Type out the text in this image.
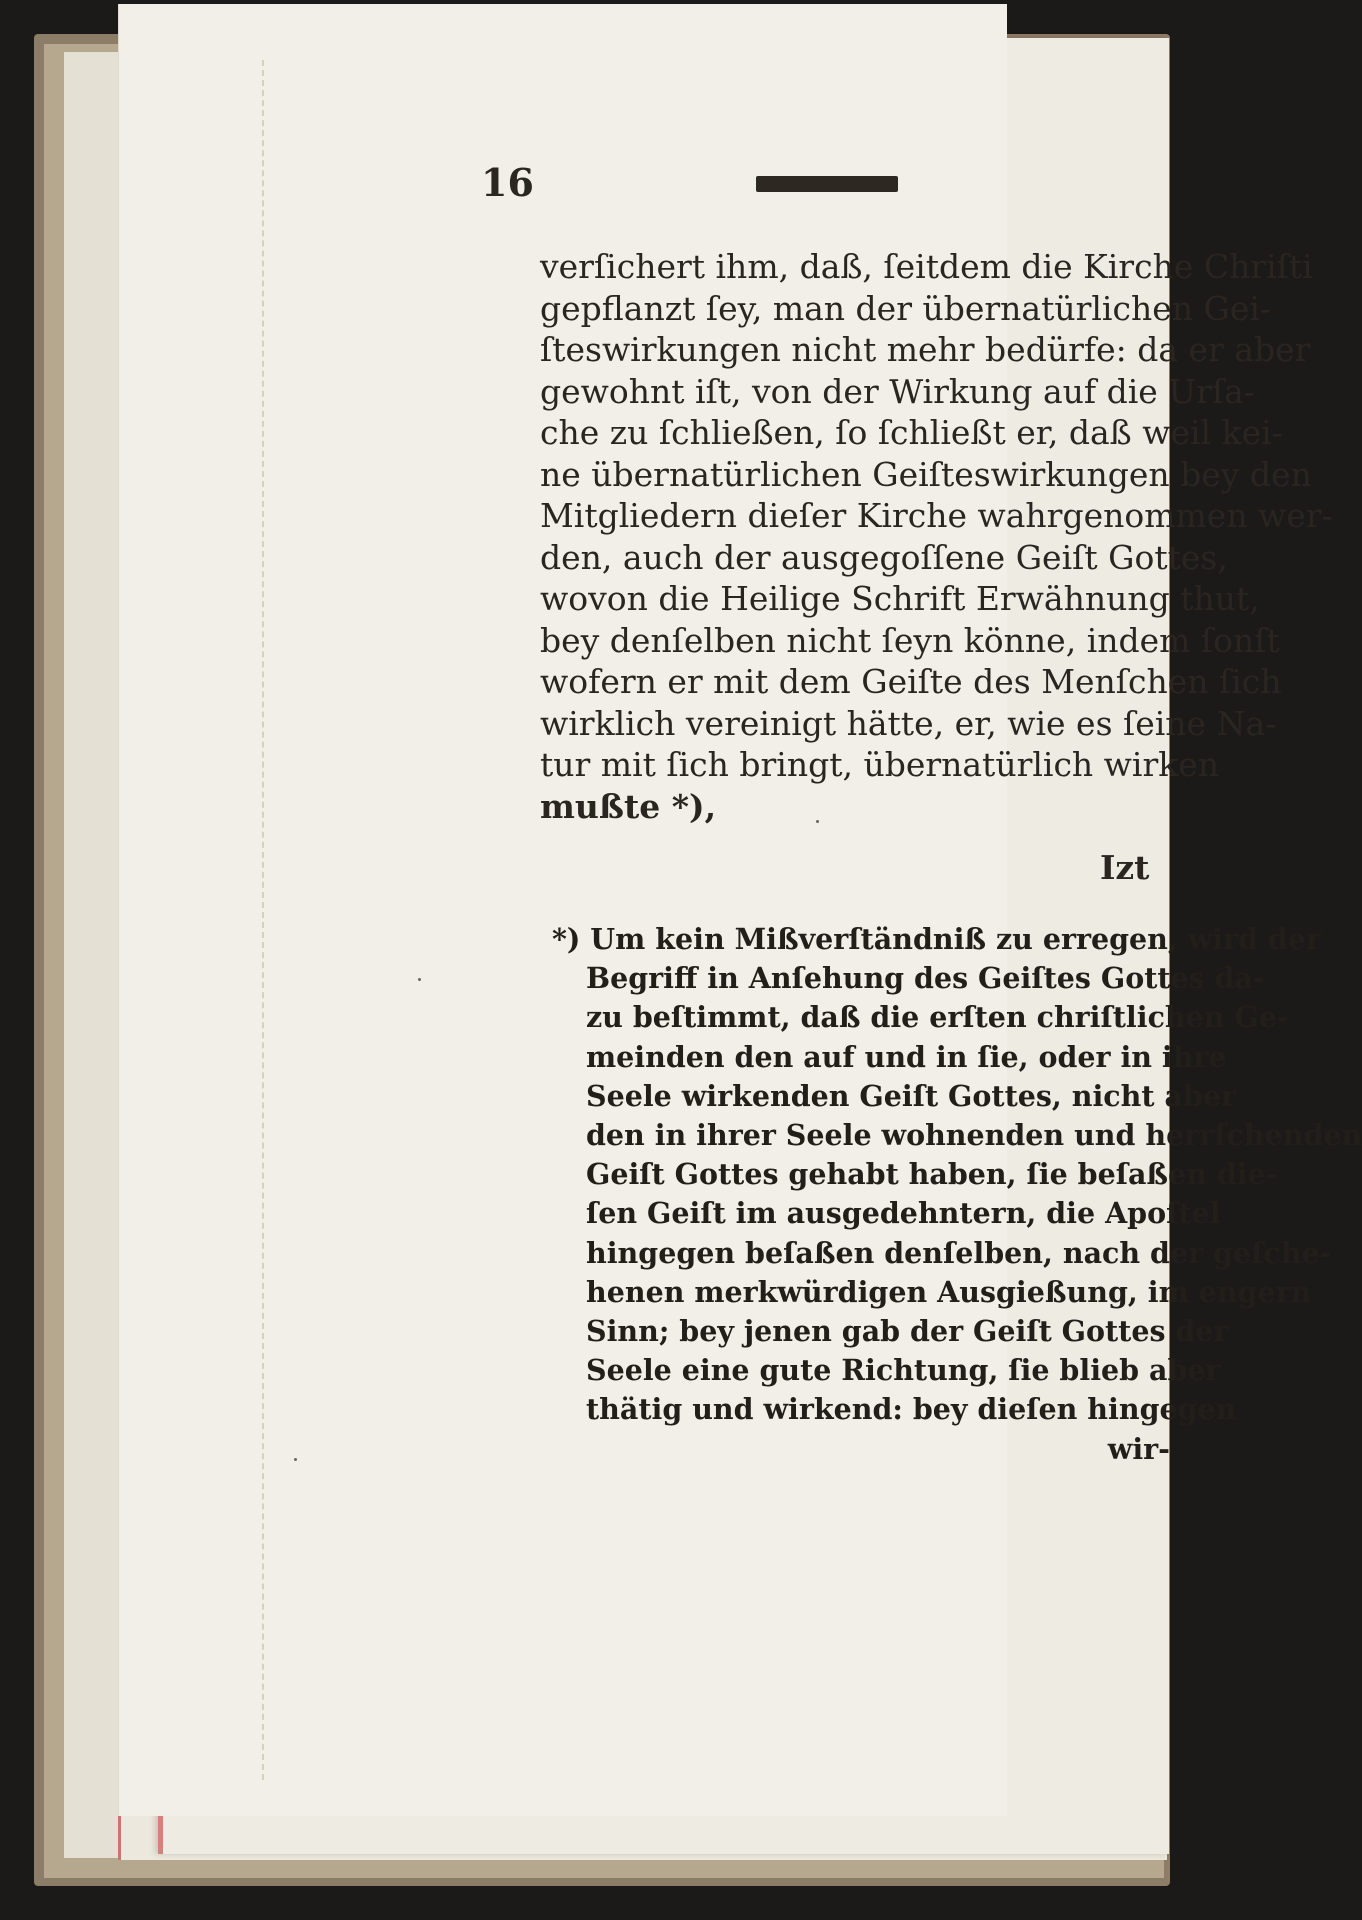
16

verſichert ihm, daß, ſeitdem die Kirche Chriſti
gepflanzt ſey, man der übernatürlichen Gei-
ſteswirkungen nicht mehr bedürfe: da er aber
gewohnt iſt, von der Wirkung auf die Urſa-
che zu ſchließen, ſo ſchließt er, daß weil kei-
ne übernatürlichen Geiſteswirkungen bey den
Mitgliedern dieſer Kirche wahrgenommen wer-
den, auch der ausgegoſſene Geiſt Gottes,
wovon die Heilige Schrift Erwähnung thut,
bey denſelben nicht ſeyn könne, indem ſonſt
wofern er mit dem Geiſte des Menſchen ſich
wirklich vereinigt hätte, er, wie es ſeine Na-
tur mit ſich bringt, übernatürlich wirken
mußte *),

Izt
*) Um kein Mißverſtändniß zu erregen, wird der
Begriff in Anſehung des Geiſtes Gottes da-
zu beſtimmt, daß die erſten chriſtlichen Ge-
meinden den auf und in ſie, oder in ihre
Seele wirkenden Geiſt Gottes, nicht aber
den in ihrer Seele wohnenden und herrſchenden
Geiſt Gottes gehabt haben, ſie beſaßen die-
ſen Geiſt im ausgedehntern, die Apoſtel
hingegen beſaßen denſelben, nach der geſche-
henen merkwürdigen Ausgießung, im engern
Sinn; bey jenen gab der Geiſt Gottes der
Seele eine gute Richtung, ſie blieb aber
thätig und wirkend: bey dieſen hingegen
wir-
